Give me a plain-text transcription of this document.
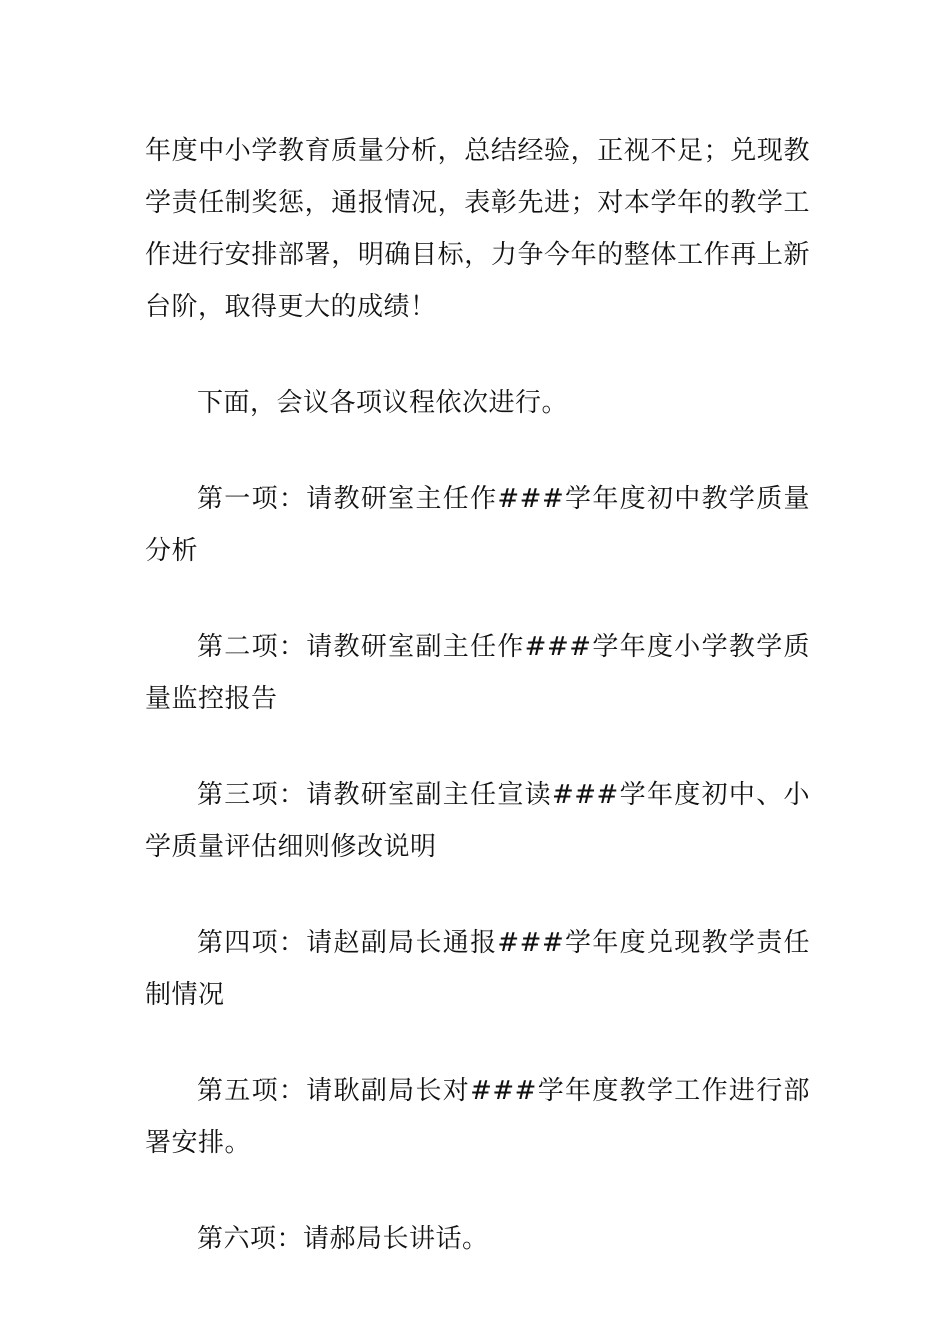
年度中小学教育质量分析，总结经验，正视不足；兑现教学责任制奖惩，通报情况，表彰先进；对本学年的教学工作进行安排部署，明确目标，力争今年的整体工作再上新台阶，取得更大的成绩！

下面，会议各项议程依次进行。

第一项：请教研室主任作###学年度初中教学质量分析

第二项：请教研室副主任作###学年度小学教学质量监控报告

第三项：请教研室副主任宣读###学年度初中、小学质量评估细则修改说明

第四项：请赵副局长通报###学年度兑现教学责任制情况

第五项：请耿副局长对###学年度教学工作进行部署安排。

第六项：请郝局长讲话。
